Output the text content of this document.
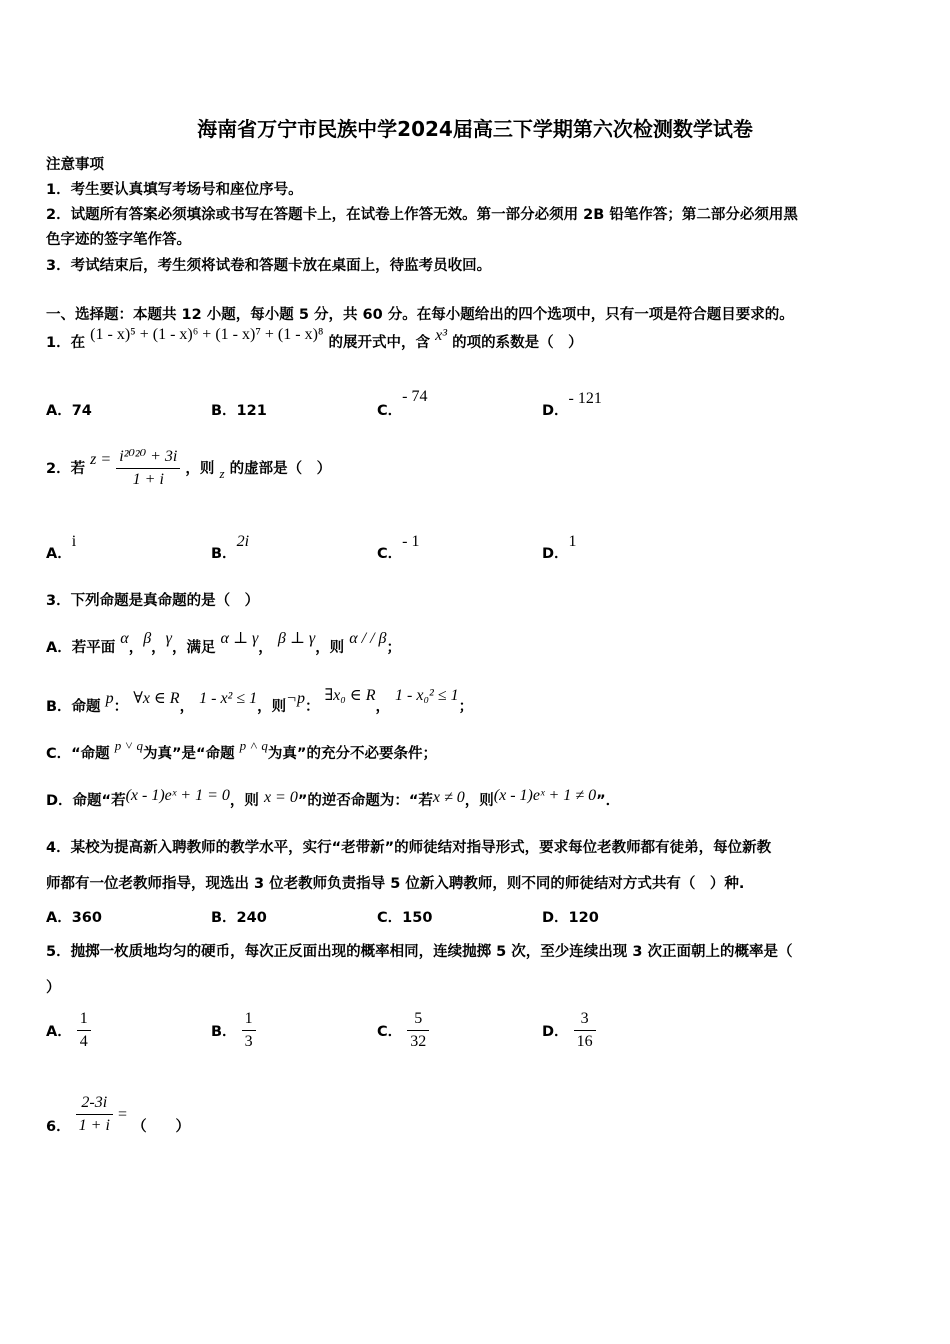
海南省万宁市民族中学2024届高三下学期第六次检测数学试卷
注意事项
1．考生要认真填写考场号和座位序号。
2．试题所有答案必须填涂或书写在答题卡上，在试卷上作答无效。第一部分必须用 2B 铅笔作答；第二部分必须用黑
色字迹的签字笔作答。
3．考试结束后，考生须将试卷和答题卡放在桌面上，待监考员收回。
一、选择题：本题共 12 小题，每小题 5 分，共 60 分。在每小题给出的四个选项中，只有一项是符合题目要求的。
1．在 (1 - x)⁵ + (1 - x)⁶ + (1 - x)⁷ + (1 - x)⁸ 的展开式中，含 x³ 的项的系数是（　）
A．74	B．121	C．- 74
D．- 121
2．若 $z = \frac{\text{i²⁰²⁰ + 3i}}{1 + i}$ ，则 z 的虚部是（　）
A．i
B．2i
C．- 1
D．1
3．下列命题是真命题的是（　）
A．若平面 α，β，γ，满足 α ⊥ γ， β ⊥ γ，则 α / / β；
B．命题 p： ∀x ∈ R， 1 - x² ≤ 1，则¬p： ∃x₀ ∈ R， 1 - x₀² ≤ 1；
C．“命题 p ˅ q为真”是“命题 p ˄ q为真”的充分不必要条件；
D．命题“若(x - 1)eˣ + 1 = 0，则 x = 0”的逆否命题为：“若x ≠ 0，则(x - 1)eˣ + 1 ≠ 0”．
4．某校为提高新入聘教师的教学水平，实行“老带新”的师徒结对指导形式，要求每位老教师都有徒弟，每位新教
师都有一位老教师指导，现选出 3 位老教师负责指导 5 位新入聘教师，则不同的师徒结对方式共有（　）种.
A．360	B．240	C．150	D．120
5．抛掷一枚质地均匀的硬币，每次正反面出现的概率相同，连续抛掷 5 次，至少连续出现 3 次正面朝上的概率是（
）
A． $\frac{1}{4}$	B． $\frac{1}{3}$	C． $\frac{5}{32}$	D． $\frac{3}{16}$
6． $\frac{2-3i}{1 + i}$ = （　　）
